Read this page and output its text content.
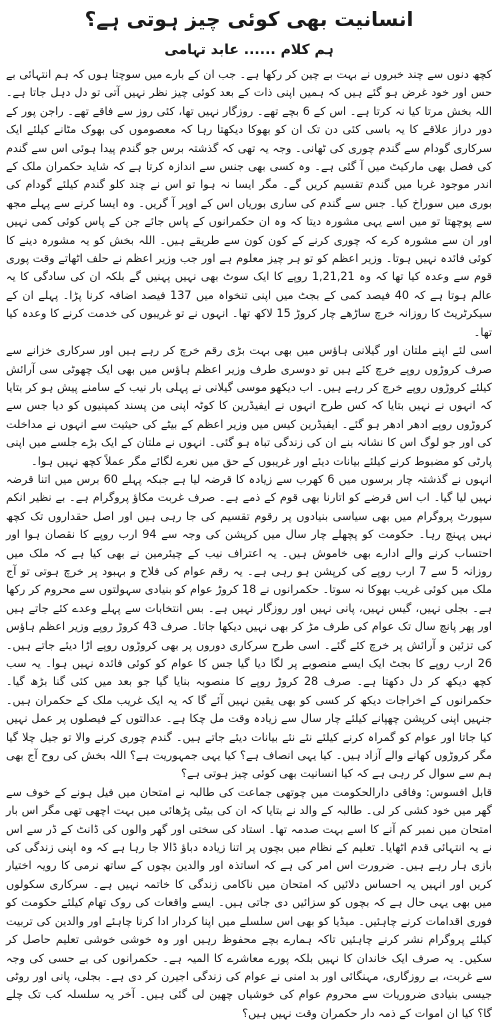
انسانیت بھی کوئی چیز ہوتی ہے؟
ہم کلام ...... عابد تہامی

کچھ دنوں سے چند خبروں نے بہت بے چین کر رکھا ہے۔ جب ان کے بارے میں سوچتا ہوں کہ ہم انتہائی بے حس اور خود غرض ہو گئے ہیں کہ ہمیں اپنی ذات کے بعد کوئی چیز نظر نہیں آتی تو دل دہل جاتا ہے۔ اللہ بخش مرتا کیا نہ کرتا ہے۔ اس کے 6 بچے تھے۔ روزگار نہیں تھا، کئی روز سے فاقے تھے۔ راجن پور کے دور دراز علاقے کا یہ باسی کئی دن تک ان کو بھوکا دیکھتا رہا کہ معصوموں کی بھوک مٹانے کیلئے ایک سرکاری گودام سے گندم چوری کی ٹھانی۔ وجہ یہ تھی کہ گذشتہ برس جو گندم پیدا ہوئی اس سے گندم کی فصل بھی مارکیٹ میں آ گئی ہے۔ وہ کسی بھی جنس سے اندازہ کرتا ہے کہ شاید حکمران ملک کے اندر موجود غربا میں گندم تقسیم کریں گے۔ مگر ایسا نہ ہوا تو اس نے چند کلو گندم کیلئے گودام کی بوری میں سوراخ کیا۔ جس سے گندم کی ساری بوریاں اس کے اوپر آ گریں۔ وہ ایسا کرنے سے پہلے مجھ سے پوچھتا تو میں اسے یہی مشورہ دیتا کہ وہ ان حکمرانوں کے پاس جائے جن کے پاس کوئی کمی نہیں اور ان سے مشورہ کرے کہ چوری کرنے کے کون کون سے طریقے ہیں۔ اللہ بخش کو یہ مشورہ دینے کا کوئی فائدہ نہیں ہوتا۔ وزیر اعظم کو تو ہر چیز معلوم ہے اور جب وزیر اعظم نے حلف اٹھاتے وقت پوری قوم سے وعدہ کیا تھا کہ وہ 1,21,21 روپے کا ایک سوٹ بھی نہیں پہنیں گے بلکہ ان کی سادگی کا یہ عالم ہوتا ہے کہ 40 فیصد کمی کے بجٹ میں اپنی تنخواہ میں 137 فیصد اضافہ کرنا پڑا۔ پہلے ان کے سیکرٹریٹ کا روزانہ خرچ ساڑھے چار کروڑ 15 لاکھ تھا۔ انہوں نے تو غریبوں کی خدمت کرنے کا وعدہ کیا تھا۔

اسی لئے اپنے ملتان اور گیلانی ہاؤس میں بھی بہت بڑی رقم خرچ کر رہے ہیں اور سرکاری خزانے سے صرف کروڑوں روپے خرچ کئے ہیں تو دوسری طرف وزیر اعظم ہاؤس میں بھی ایک چھوٹی سی آرائش کیلئے کروڑوں روپے خرچ کر رہے ہیں۔ اب دیکھو موسی گیلانی نے پہلی بار نیب کے سامنے پیش ہو کر بتایا کہ انہوں نے نہیں بتایا کہ کس طرح انہوں نے ایفیڈرین کا کوٹہ اپنی من پسند کمپنیوں کو دیا جس سے کروڑوں روپے ادھر ادھر ہو گئے۔ ایفیڈرین کیس میں وزیر اعظم کے بیٹے کی حیثیت سے انہوں نے مداخلت کی اور جو لوگ اس کا نشانہ بنے ان کی زندگی تباہ ہو گئی۔ انہوں نے ملتان کے ایک بڑے جلسے میں اپنی پارٹی کو مضبوط کرنے کیلئے بیانات دیئے اور غریبوں کے حق میں نعرے لگائے مگر عملاً کچھ نہیں ہوا۔

انہوں نے گذشتہ چار برسوں میں 6 کھرب سے زیادہ کا قرضہ لیا ہے جبکہ پہلے 60 برس میں اتنا قرضہ نہیں لیا گیا۔ اب اس قرضے کو اتارنا بھی قوم کے ذمے ہے۔ صرف غربت مکاؤ پروگرام ہے۔ بے نظیر انکم سپورٹ پروگرام میں بھی سیاسی بنیادوں پر رقوم تقسیم کی جا رہی ہیں اور اصل حقداروں تک کچھ نہیں پہنچ رہا۔ حکومت کو پچھلے چار سال میں کرپشن کی وجہ سے 94 ارب روپے کا نقصان ہوا اور احتساب کرنے والے ادارے بھی خاموش ہیں۔ یہ اعتراف نیب کے چیئرمین نے بھی کیا ہے کہ ملک میں روزانہ 5 سے 7 ارب روپے کی کرپشن ہو رہی ہے۔ یہ رقم عوام کی فلاح و بہبود پر خرچ ہوتی تو آج ملک میں کوئی غریب بھوکا نہ سوتا۔ حکمرانوں نے 18 کروڑ عوام کو بنیادی سہولتوں سے محروم کر رکھا ہے۔ بجلی نہیں، گیس نہیں، پانی نہیں اور روزگار نہیں ہے۔ بس انتخابات سے پہلے وعدے کئے جاتے ہیں اور پھر پانچ سال تک عوام کی طرف مڑ کر بھی نہیں دیکھا جاتا۔ صرف 43 کروڑ روپے وزیر اعظم ہاؤس کی تزئین و آرائش پر خرچ کئے گئے۔ اسی طرح سرکاری دوروں پر بھی کروڑوں روپے اڑا دیئے جاتے ہیں۔ 26 ارب روپے کا بجٹ ایک ایسے منصوبے پر لگا دیا گیا جس کا عوام کو کوئی فائدہ نہیں ہوا۔ یہ سب کچھ دیکھ کر دل دکھتا ہے۔ صرف 28 کروڑ روپے کا منصوبہ بنایا گیا جو بعد میں کئی گنا بڑھ گیا۔ حکمرانوں کے اخراجات دیکھ کر کسی کو بھی یقین نہیں آئے گا کہ یہ ایک غریب ملک کے حکمران ہیں۔ جنہیں اپنی کرپشن چھپانے کیلئے چار سال سے زیادہ وقت مل چکا ہے۔ عدالتوں کے فیصلوں پر عمل نہیں کیا جاتا اور عوام کو گمراہ کرنے کیلئے نئے نئے بیانات دیئے جاتے ہیں۔ گندم چوری کرنے والا تو جیل چلا گیا مگر کروڑوں کھانے والے آزاد ہیں۔ کیا یہی انصاف ہے؟ کیا یہی جمہوریت ہے؟ اللہ بخش کی روح آج بھی ہم سے سوال کر رہی ہے کہ کیا انسانیت بھی کوئی چیز ہوتی ہے؟

قابل افسوس: وفاقی دارالحکومت میں چوتھی جماعت کی طالبہ نے امتحان میں فیل ہونے کے خوف سے گھر میں خود کشی کر لی۔ طالبہ کے والد نے بتایا کہ ان کی بیٹی پڑھائی میں بہت اچھی تھی مگر اس بار امتحان میں نمبر کم آنے کا اسے بہت صدمہ تھا۔ استاد کی سختی اور گھر والوں کی ڈانٹ کے ڈر سے اس نے یہ انتہائی قدم اٹھایا۔ تعلیم کے نظام میں بچوں پر اتنا زیادہ دباؤ ڈالا جا رہا ہے کہ وہ اپنی زندگی کی بازی ہار رہے ہیں۔ ضرورت اس امر کی ہے کہ اساتذہ اور والدین بچوں کے ساتھ نرمی کا رویہ اختیار کریں اور انہیں یہ احساس دلائیں کہ امتحان میں ناکامی زندگی کا خاتمہ نہیں ہے۔ سرکاری سکولوں میں بھی یہی حال ہے کہ بچوں کو سزائیں دی جاتی ہیں۔ ایسے واقعات کی روک تھام کیلئے حکومت کو فوری اقدامات کرنے چاہئیں۔ میڈیا کو بھی اس سلسلے میں اپنا کردار ادا کرنا چاہئے اور والدین کی تربیت کیلئے پروگرام نشر کرنے چاہئیں تاکہ ہمارے بچے محفوظ رہیں اور وہ خوشی خوشی تعلیم حاصل کر سکیں۔ یہ صرف ایک خاندان کا نہیں بلکہ پورے معاشرے کا المیہ ہے۔ حکمرانوں کی بے حسی کی وجہ سے غربت، بے روزگاری، مہنگائی اور بد امنی نے عوام کی زندگی اجیرن کر دی ہے۔ بجلی، پانی اور روٹی جیسی بنیادی ضروریات سے محروم عوام کی خوشیاں چھین لی گئی ہیں۔ آخر یہ سلسلہ کب تک چلے گا؟ کیا ان اموات کے ذمہ دار حکمران وقت نہیں ہیں؟
